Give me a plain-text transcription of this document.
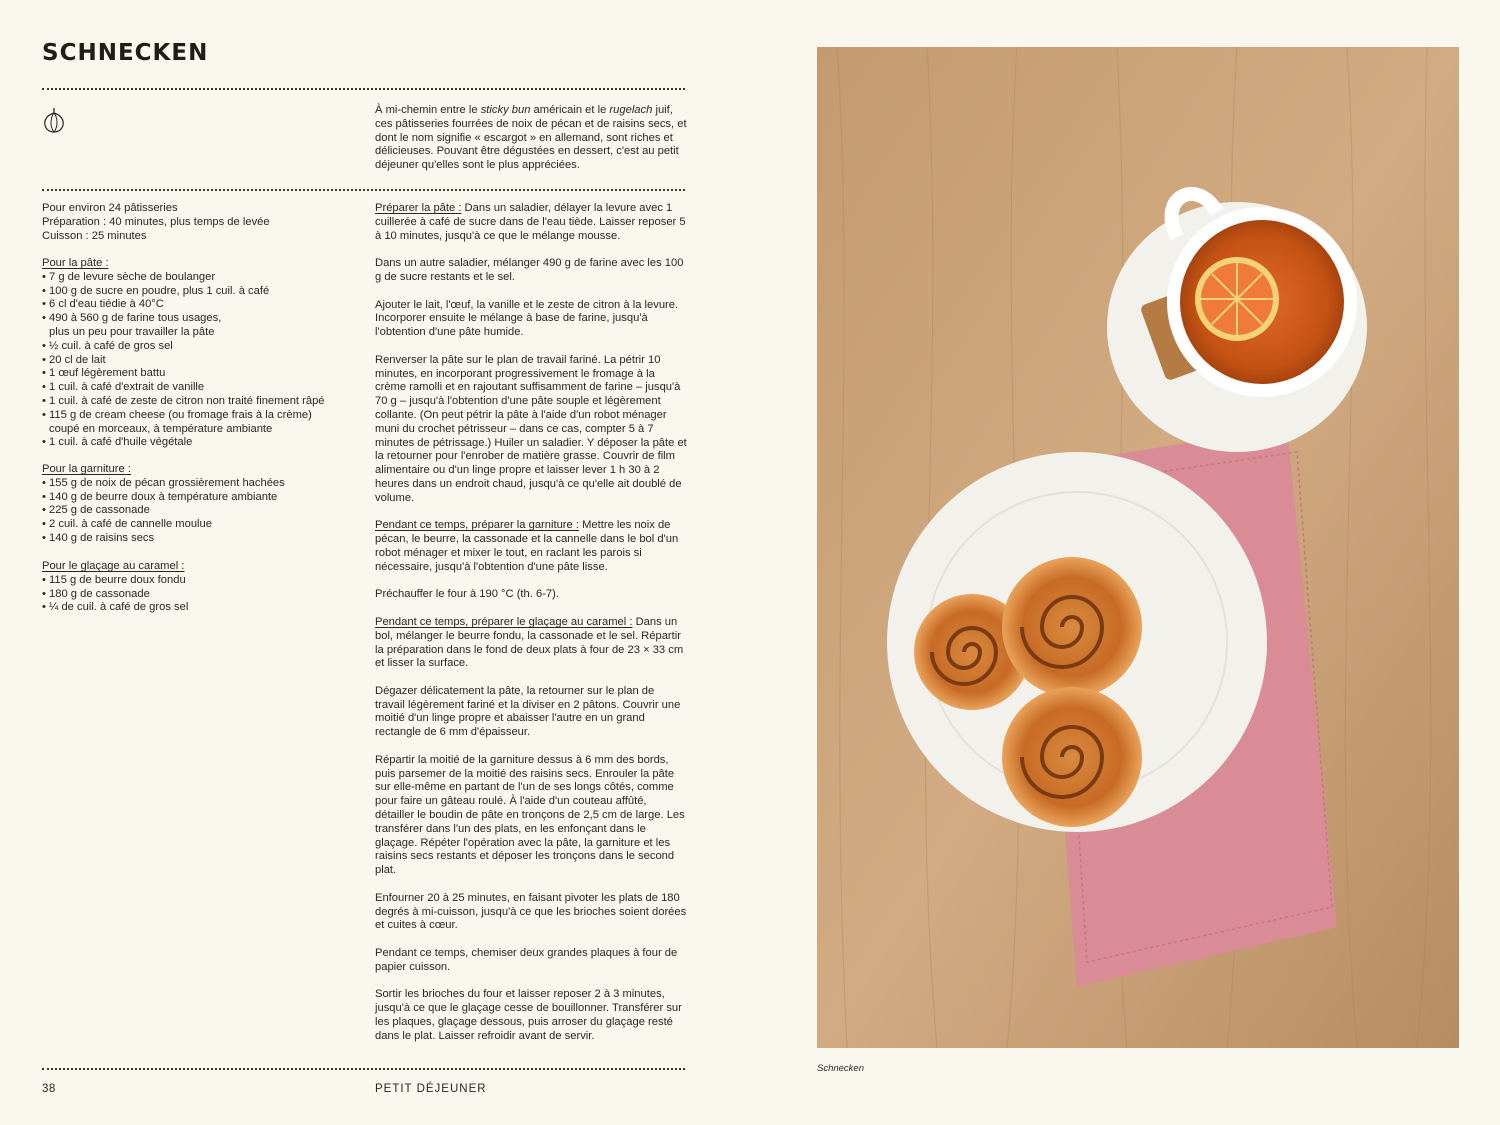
SCHNECKEN

À mi-chemin entre le sticky bun américain et le rugelach juif, ces pâtisseries fourrées de noix de pécan et de raisins secs, et dont le nom signifie « escargot » en allemand, sont riches et délicieuses. Pouvant être dégustées en dessert, c'est au petit déjeuner qu'elles sont le plus appréciées.

Pour environ 24 pâtisseries
Préparation : 40 minutes, plus temps de levée
Cuisson : 25 minutes
Pour la pâte :
• 7 g de levure sèche de boulanger
• 100 g de sucre en poudre, plus 1 cuil. à café
• 6 cl d'eau tiédie à 40°C
• 490 à 560 g de farine tous usages,
plus un peu pour travailler la pâte
• ½ cuil. à café de gros sel
• 20 cl de lait
• 1 œuf légèrement battu
• 1 cuil. à café d'extrait de vanille
• 1 cuil. à café de zeste de citron non traité finement râpé
• 115 g de cream cheese (ou fromage frais à la crème)
coupé en morceaux, à température ambiante
• 1 cuil. à café d'huile végétale
Pour la garniture :
• 155 g de noix de pécan grossièrement hachées
• 140 g de beurre doux à température ambiante
• 225 g de cassonade
• 2 cuil. à café de cannelle moulue
• 140 g de raisins secs
Pour le glaçage au caramel :
• 115 g de beurre doux fondu
• 180 g de cassonade
• ¼ de cuil. à café de gros sel

Préparer la pâte : Dans un saladier, délayer la levure avec 1 cuillerée à café de sucre dans de l'eau tiède. Laisser reposer 5 à 10 minutes, jusqu'à ce que le mélange mousse.

Dans un autre saladier, mélanger 490 g de farine avec les 100 g de sucre restants et le sel.

Ajouter le lait, l'œuf, la vanille et le zeste de citron à la levure. Incorporer ensuite le mélange à base de farine, jusqu'à l'obtention d'une pâte humide.

Renverser la pâte sur le plan de travail fariné. La pétrir 10 minutes, en incorporant progressivement le fromage à la crème ramolli et en rajoutant suffisamment de farine – jusqu'à 70 g – jusqu'à l'obtention d'une pâte souple et légèrement collante. (On peut pétrir la pâte à l'aide d'un robot ménager muni du crochet pétrisseur – dans ce cas, compter 5 à 7 minutes de pétrissage.) Huiler un saladier. Y déposer la pâte et la retourner pour l'enrober de matière grasse. Couvrir de film alimentaire ou d'un linge propre et laisser lever 1 h 30 à 2 heures dans un endroit chaud, jusqu'à ce qu'elle ait doublé de volume.

Pendant ce temps, préparer la garniture : Mettre les noix de pécan, le beurre, la cassonade et la cannelle dans le bol d'un robot ménager et mixer le tout, en raclant les parois si nécessaire, jusqu'à l'obtention d'une pâte lisse.

Préchauffer le four à 190 °C (th. 6-7).

Pendant ce temps, préparer le glaçage au caramel : Dans un bol, mélanger le beurre fondu, la cassonade et le sel. Répartir la préparation dans le fond de deux plats à four de 23 × 33 cm et lisser la surface.

Dégazer délicatement la pâte, la retourner sur le plan de travail légèrement fariné et la diviser en 2 pâtons. Couvrir une moitié d'un linge propre et abaisser l'autre en un grand rectangle de 6 mm d'épaisseur.

Répartir la moitié de la garniture dessus à 6 mm des bords, puis parsemer de la moitié des raisins secs. Enrouler la pâte sur elle-même en partant de l'un de ses longs côtés, comme pour faire un gâteau roulé. À l'aide d'un couteau affûté, détailler le boudin de pâte en tronçons de 2,5 cm de large. Les transférer dans l'un des plats, en les enfonçant dans le glaçage. Répéter l'opération avec la pâte, la garniture et les raisins secs restants et déposer les tronçons dans le second plat.

Enfourner 20 à 25 minutes, en faisant pivoter les plats de 180 degrés à mi-cuisson, jusqu'à ce que les brioches soient dorées et cuites à cœur.

Pendant ce temps, chemiser deux grandes plaques à four de papier cuisson.

Sortir les brioches du four et laisser reposer 2 à 3 minutes, jusqu'à ce que le glaçage cesse de bouillonner. Transférer sur les plaques, glaçage dessous, puis arroser du glaçage resté dans le plat. Laisser refroidir avant de servir.

38	PETIT DÉJEUNER
Schnecken
